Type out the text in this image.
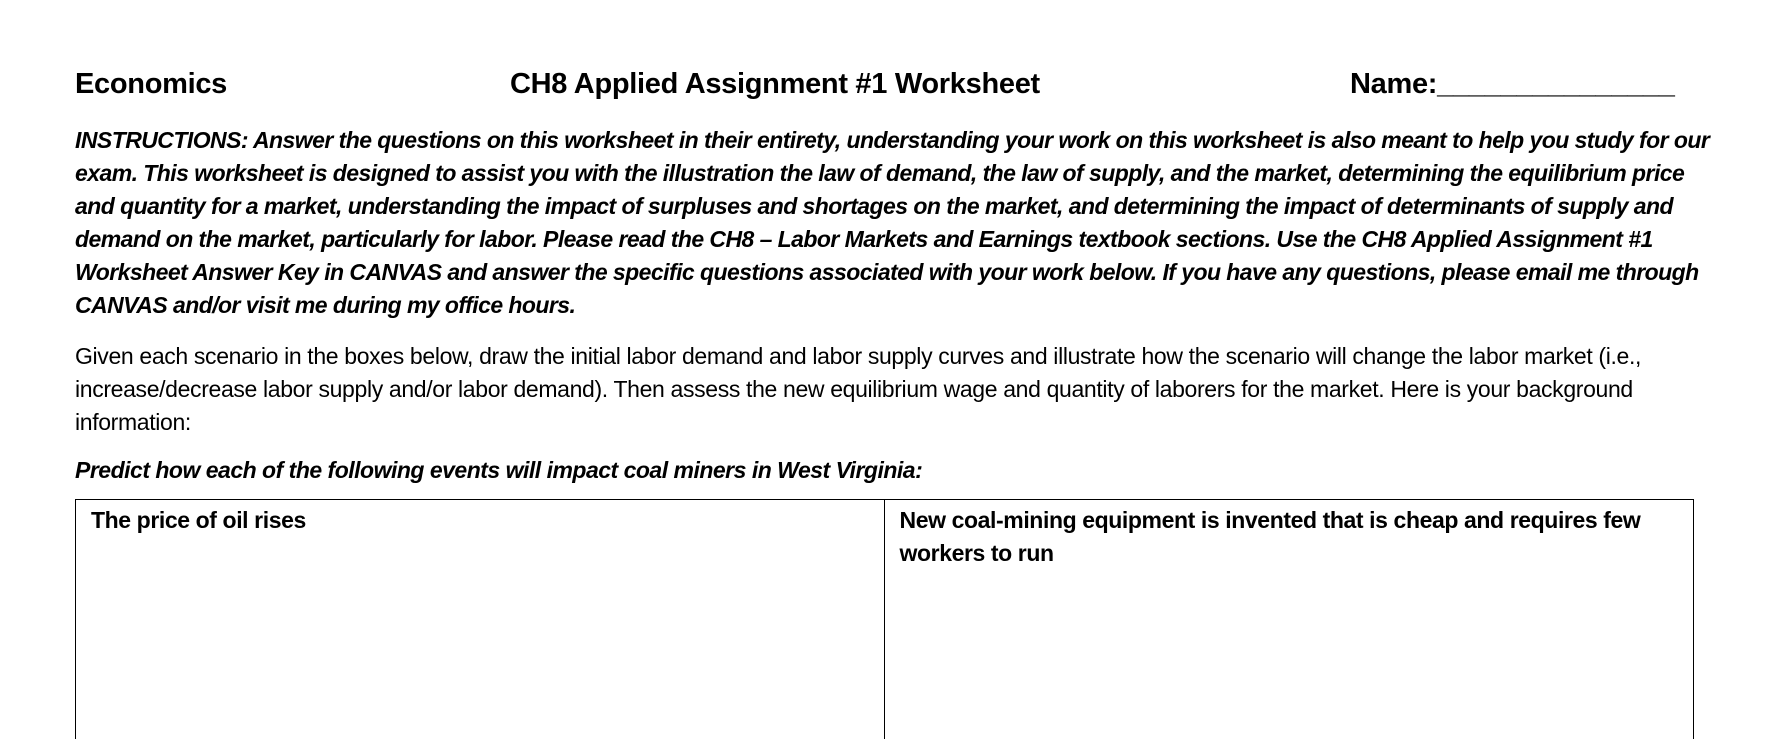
Economics	CH8 Applied Assignment #1 Worksheet	Name:_______________
INSTRUCTIONS: Answer the questions on this worksheet in their entirety, understanding your work on this worksheet is also meant to help you study for our exam. This worksheet is designed to assist you with the illustration the law of demand, the law of supply, and the market, determining the equilibrium price and quantity for a market, understanding the impact of surpluses and shortages on the market, and determining the impact of determinants of supply and demand on the market, particularly for labor. Please read the CH8 – Labor Markets and Earnings textbook sections. Use the CH8 Applied Assignment #1 Worksheet Answer Key in CANVAS and answer the specific questions associated with your work below. If you have any questions, please email me through CANVAS and/or visit me during my office hours.
Given each scenario in the boxes below, draw the initial labor demand and labor supply curves and illustrate how the scenario will change the labor market (i.e., increase/decrease labor supply and/or labor demand). Then assess the new equilibrium wage and quantity of laborers for the market. Here is your background information:
Predict how each of the following events will impact coal miners in West Virginia:
The price of oil rises	New coal-mining equipment is invented that is cheap and requires few workers to run
